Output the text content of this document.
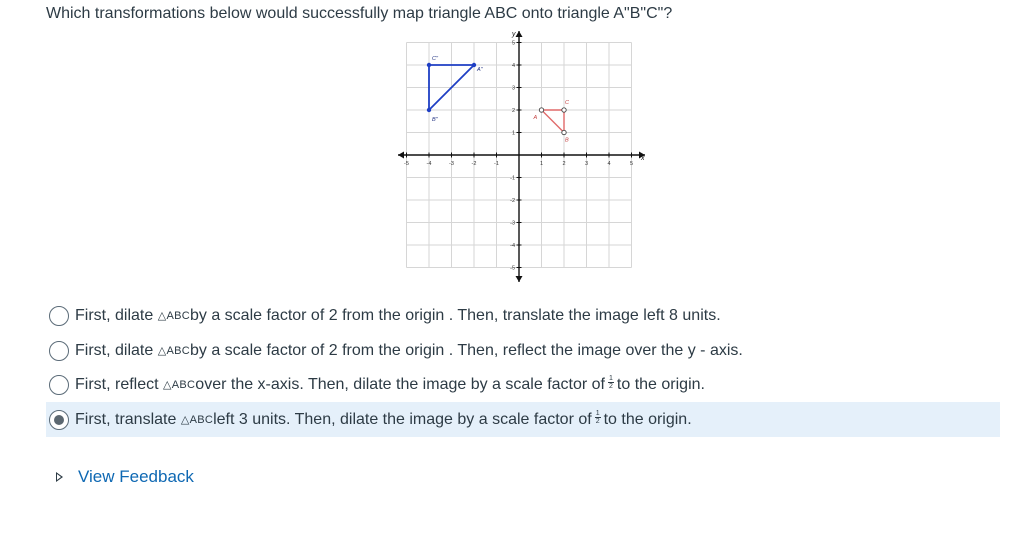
Which transformations below would successfully map triangle ABC onto triangle A"B"C"?
-5	-4	-3	-2	-1	1	2	3	4	5
5
4
3
2
1
-1
-2
-3
-4
-5
x
y
A
B
C
A"
B"
C"
First, dilate
△ABC by a scale factor of 2 from the origin . Then, translate the image left 8 units.
First, dilate
△ABC by a scale factor of 2 from the origin . Then, reflect the image over the y - axis.
First, reflect
△ABC over the x-axis. Then, dilate the image by a scale factor of $\frac{1}{2}$ to the origin.
First, translate
△ABC left 3 units. Then, dilate the image by a scale factor of $\frac{1}{2}$ to the origin.
View Feedback
